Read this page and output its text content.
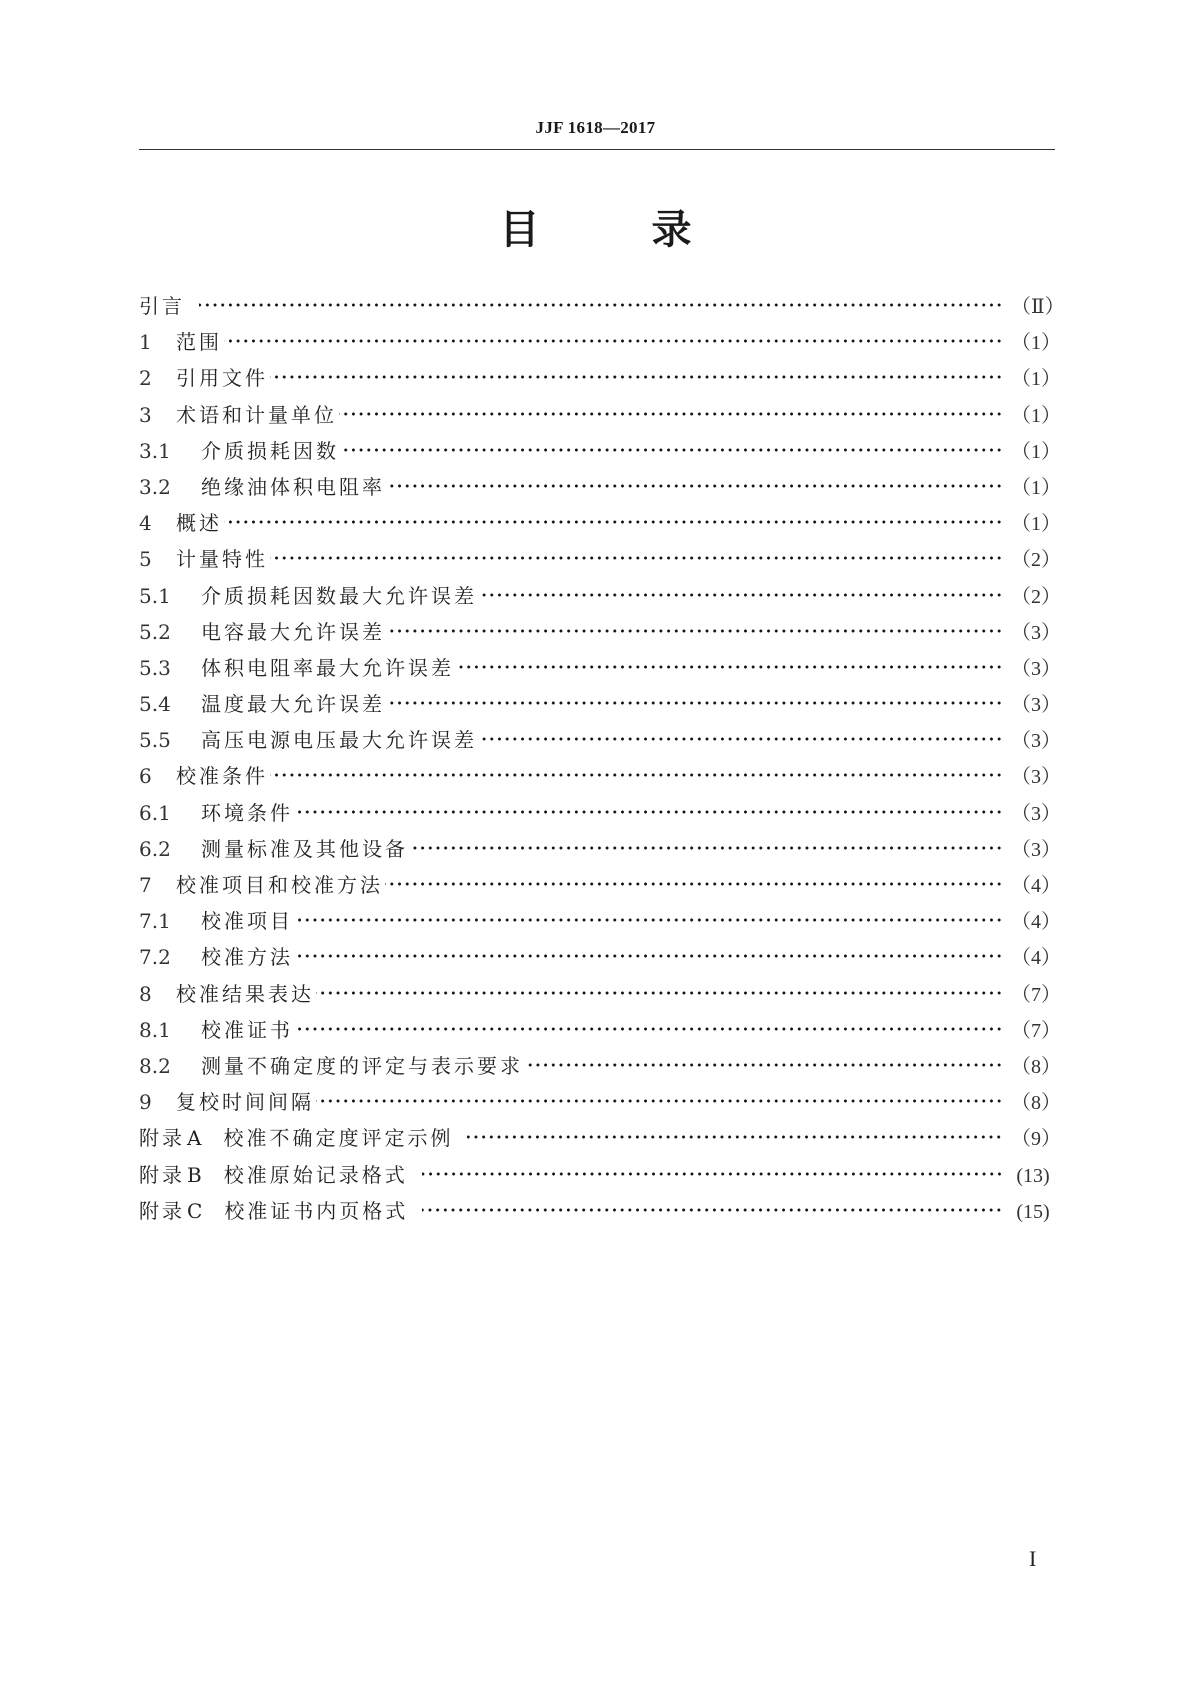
JJF 1618—2017
目	录
引言	（Ⅱ）
1	范围	（1）
2	引用文件	（1）
3	术语和计量单位	（1）
3.1	介质损耗因数	（1）
3.2	绝缘油体积电阻率	（1）
4	概述	（1）
5	计量特性	（2）
5.1	介质损耗因数最大允许误差	（2）
5.2	电容最大允许误差	（3）
5.3	体积电阻率最大允许误差	（3）
5.4	温度最大允许误差	（3）
5.5	高压电源电压最大允许误差	（3）
6	校准条件	（3）
6.1	环境条件	（3）
6.2	测量标准及其他设备	（3）
7	校准项目和校准方法	（4）
7.1	校准项目	（4）
7.2	校准方法	（4）
8	校准结果表达	（7）
8.1	校准证书	（7）
8.2	测量不确定度的评定与表示要求	（8）
9	复校时间间隔	（8）
附录 A 校准不确定度评定示例	（9）
附录 B 校准原始记录格式	(13)
附录 C 校准证书内页格式	(15)
I
